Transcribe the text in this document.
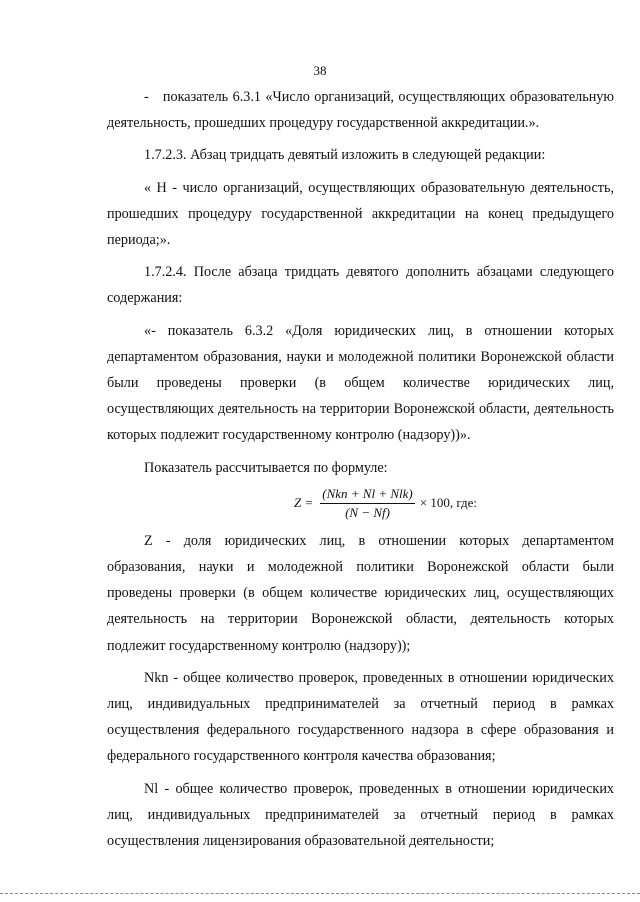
38

- показатель 6.3.1 «Число организаций, осуществляющих образовательную деятельность, прошедших процедуру государственной аккредитации.».

1.7.2.3. Абзац тридцать девятый изложить в следующей редакции:

« H - число организаций, осуществляющих образовательную деятельность, прошедших процедуру государственной аккредитации на конец предыдущего периода;».

1.7.2.4. После абзаца тридцать девятого дополнить абзацами следующего содержания:

«- показатель 6.3.2 «Доля юридических лиц, в отношении которых департаментом образования, науки и молодежной политики Воронежской области были проведены проверки (в общем количестве юридических лиц, осуществляющих деятельность на территории Воронежской области, деятельность которых подлежит государственному контролю (надзору))».

Показатель рассчитывается по формуле:

$Z = \frac{\text{(Nkn + Nl + Nlk)}}{(N - Nf)} \times 100$, где:

Z - доля юридических лиц, в отношении которых департаментом образования, науки и молодежной политики Воронежской области были проведены проверки (в общем количестве юридических лиц, осуществляющих деятельность на территории Воронежской области, деятельность которых подлежит государственному контролю (надзору));

Nkn - общее количество проверок, проведенных в отношении юридических лиц, индивидуальных предпринимателей за отчетный период в рамках осуществления федерального государственного надзора в сфере образования и федерального государственного контроля качества образования;

Nl - общее количество проверок, проведенных в отношении юридических лиц, индивидуальных предпринимателей за отчетный период в рамках осуществления лицензирования образовательной деятельности;
